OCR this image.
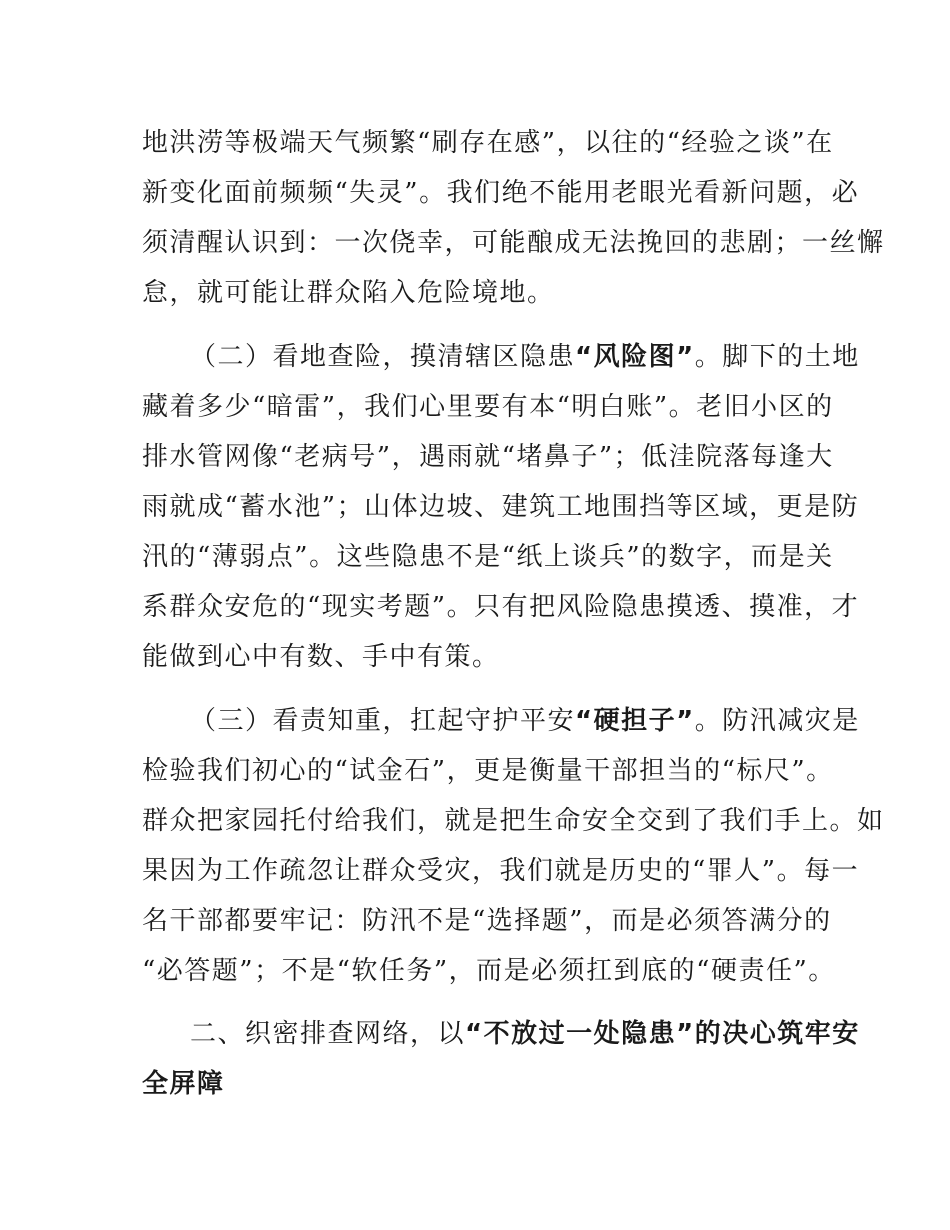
地洪涝等极端天气频繁“刷存在感”，以往的“经验之谈”在
新变化面前频频“失灵”。我们绝不能用老眼光看新问题，必
须清醒认识到：一次侥幸，可能酿成无法挽回的悲剧；一丝懈
怠，就可能让群众陷入危险境地。
（二）看地查险，摸清辖区隐患“风险图”。脚下的土地
藏着多少“暗雷”，我们心里要有本“明白账”。老旧小区的
排水管网像“老病号”，遇雨就“堵鼻子”；低洼院落每逢大
雨就成“蓄水池”；山体边坡、建筑工地围挡等区域，更是防
汛的“薄弱点”。这些隐患不是“纸上谈兵”的数字，而是关
系群众安危的“现实考题”。只有把风险隐患摸透、摸准，才
能做到心中有数、手中有策。
（三）看责知重，扛起守护平安“硬担子”。防汛减灾是
检验我们初心的“试金石”，更是衡量干部担当的“标尺”。
群众把家园托付给我们，就是把生命安全交到了我们手上。如
果因为工作疏忽让群众受灾，我们就是历史的“罪人”。每一
名干部都要牢记：防汛不是“选择题”，而是必须答满分的
“必答题”；不是“软任务”，而是必须扛到底的“硬责任”。
二、织密排查网络，以“不放过一处隐患”的决心筑牢安
全屏障
